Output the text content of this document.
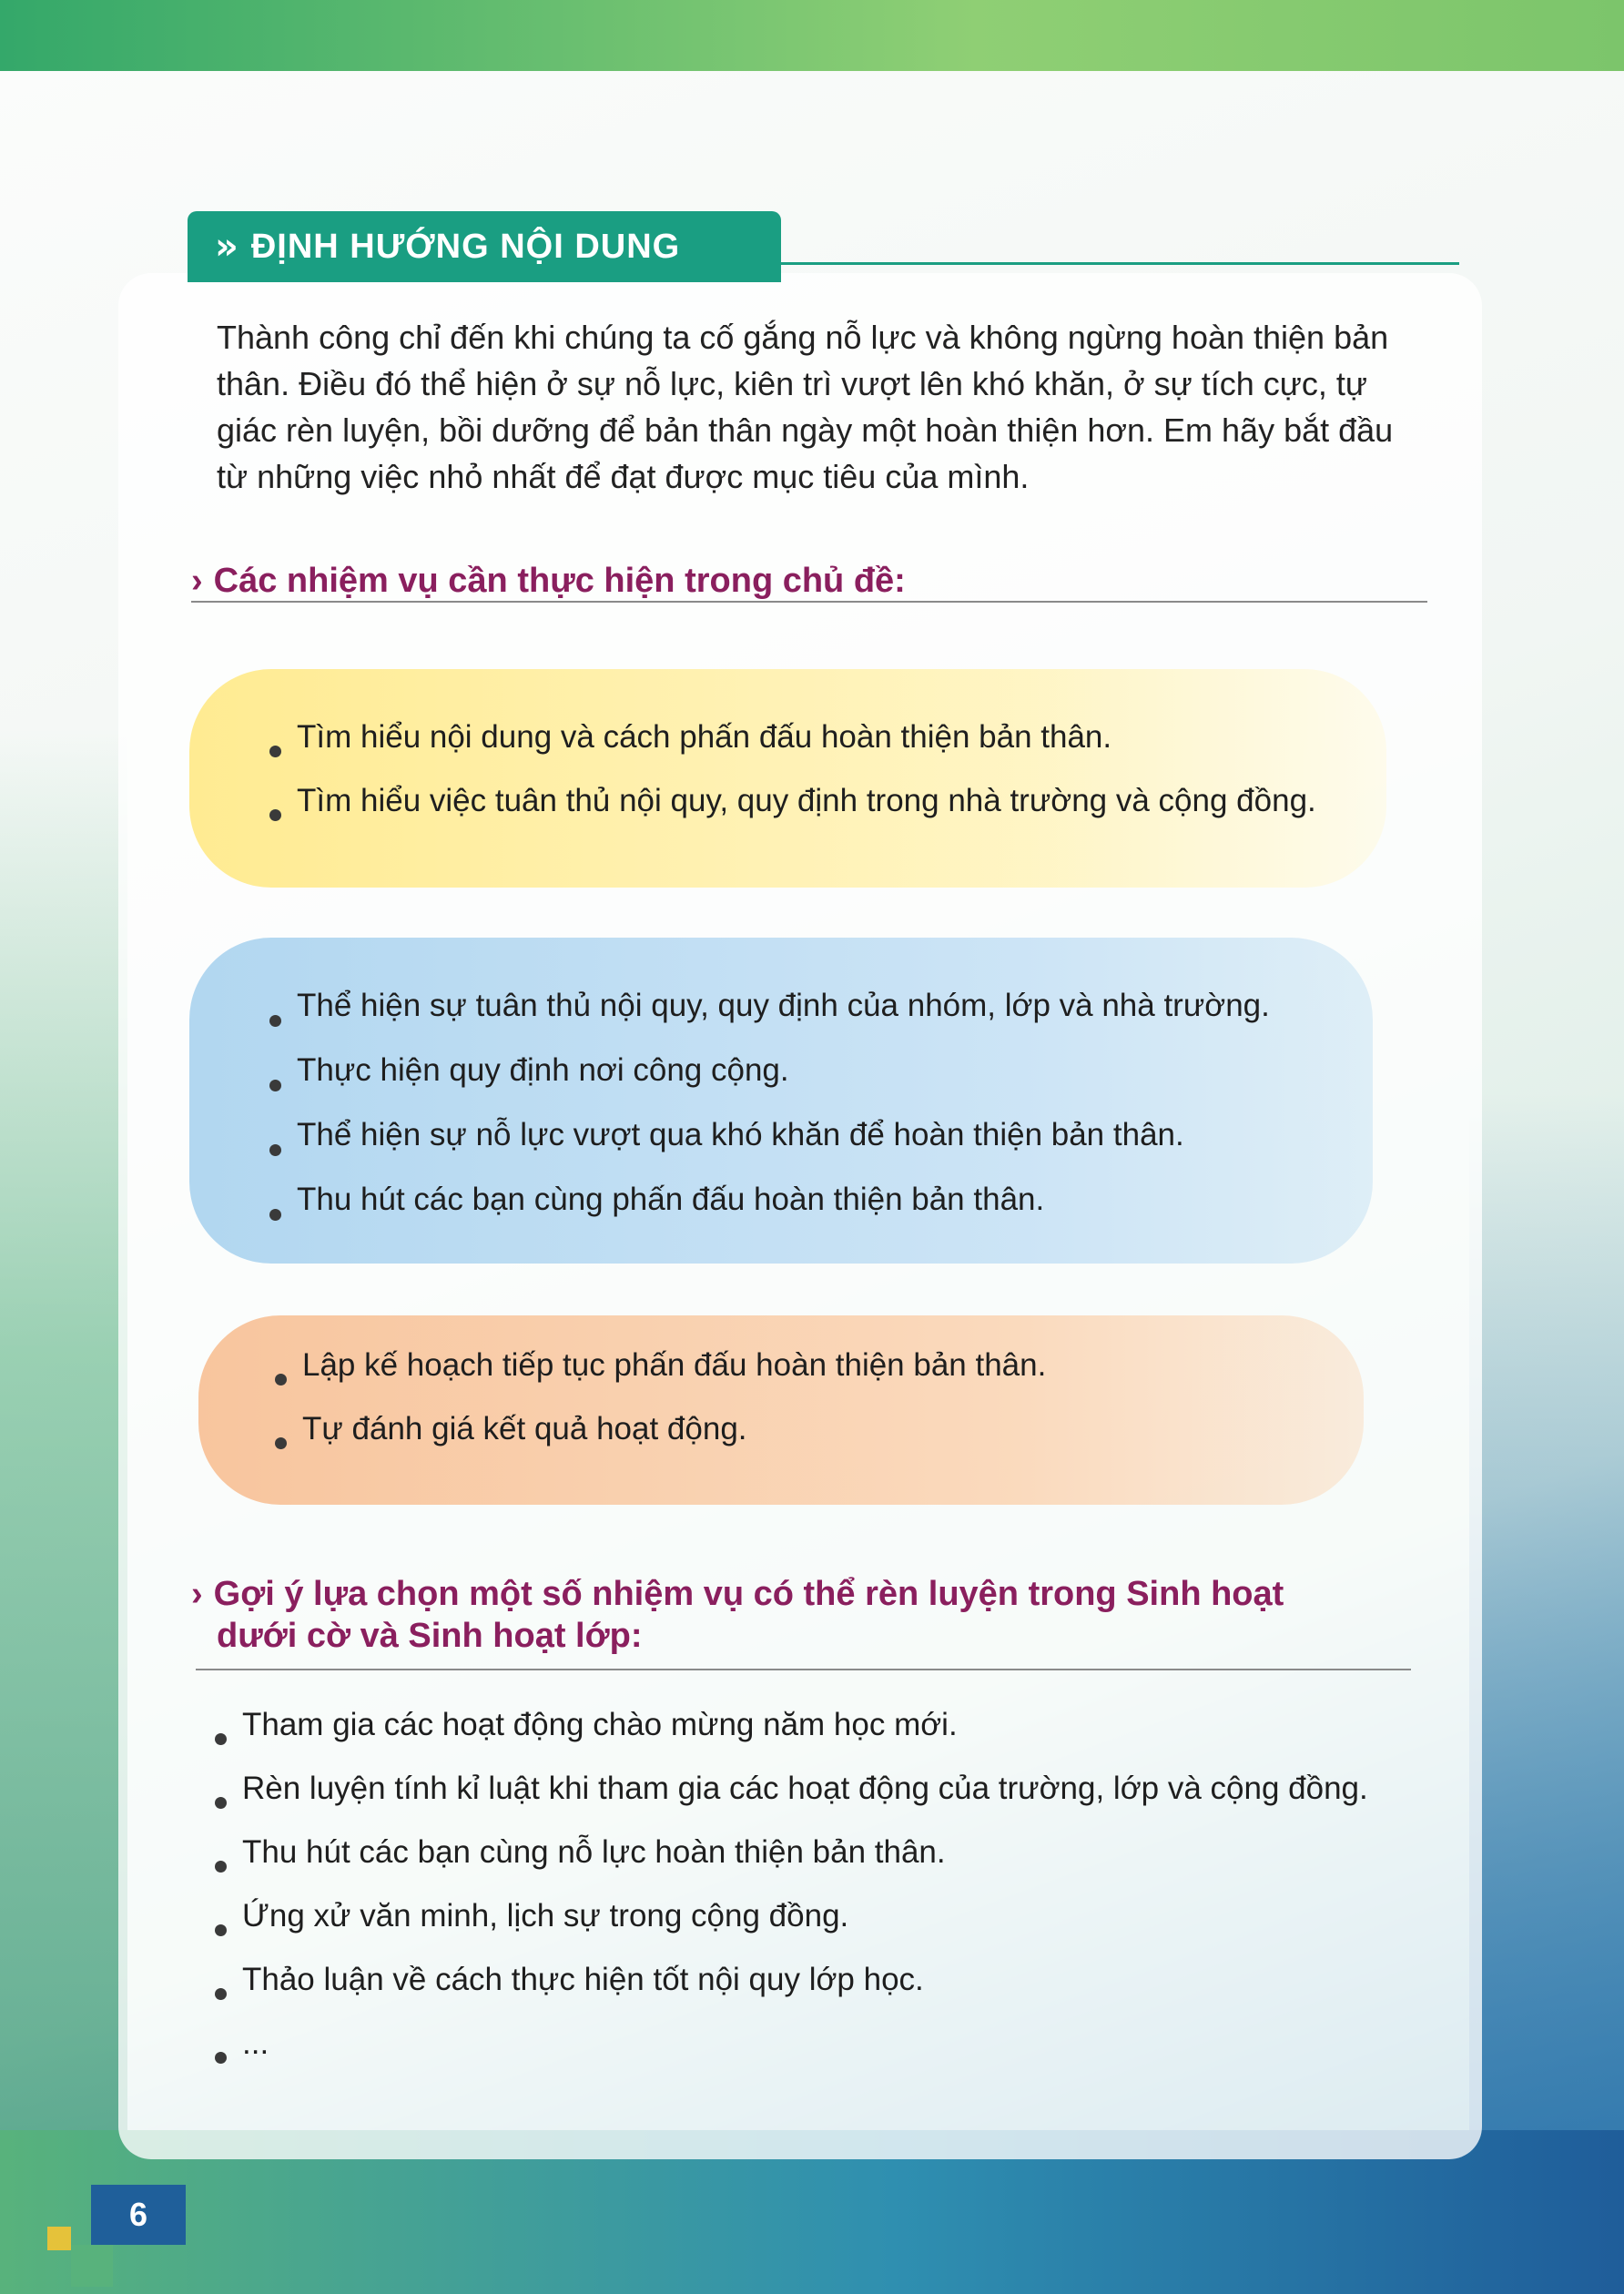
» ĐỊNH HƯỚNG NỘI DUNG
Thành công chỉ đến khi chúng ta cố gắng nỗ lực và không ngừng hoàn thiện bản thân. Điều đó thể hiện ở sự nỗ lực, kiên trì vượt lên khó khăn, ở sự tích cực, tự giác rèn luyện, bồi dưỡng để bản thân ngày một hoàn thiện hơn. Em hãy bắt đầu từ những việc nhỏ nhất để đạt được mục tiêu của mình.
› Các nhiệm vụ cần thực hiện trong chủ đề:
Tìm hiểu nội dung và cách phấn đấu hoàn thiện bản thân.
Tìm hiểu việc tuân thủ nội quy, quy định trong nhà trường và cộng đồng.
Thể hiện sự tuân thủ nội quy, quy định của nhóm, lớp và nhà trường.
Thực hiện quy định nơi công cộng.
Thể hiện sự nỗ lực vượt qua khó khăn để hoàn thiện bản thân.
Thu hút các bạn cùng phấn đấu hoàn thiện bản thân.
Lập kế hoạch tiếp tục phấn đấu hoàn thiện bản thân.
Tự đánh giá kết quả hoạt động.
› Gợi ý lựa chọn một số nhiệm vụ có thể rèn luyện trong Sinh hoạt
dưới cờ và Sinh hoạt lớp:
Tham gia các hoạt động chào mừng năm học mới.
Rèn luyện tính kỉ luật khi tham gia các hoạt động của trường, lớp và cộng đồng.
Thu hút các bạn cùng nỗ lực hoàn thiện bản thân.
Ứng xử văn minh, lịch sự trong cộng đồng.
Thảo luận về cách thực hiện tốt nội quy lớp học.
...
6
